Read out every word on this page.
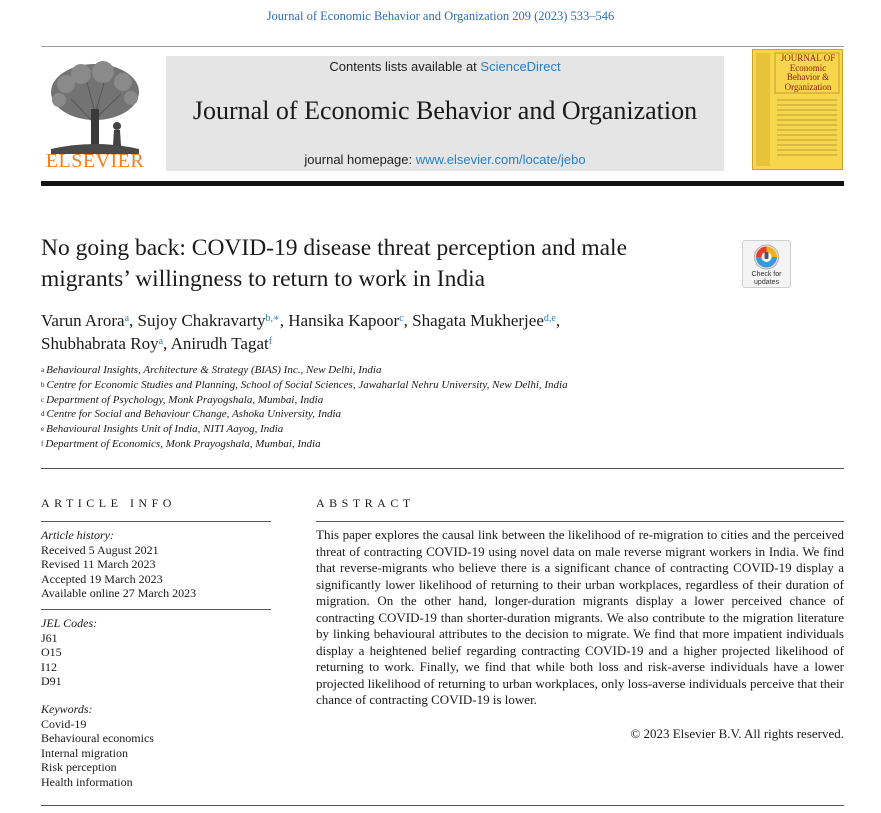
Journal of Economic Behavior and Organization 209 (2023) 533–546
ELSEVIER
Contents lists available at ScienceDirect
Journal of Economic Behavior and Organization
journal homepage: www.elsevier.com/locate/jebo
JOURNAL OF Economic Behavior & Organization
No going back: COVID-19 disease threat perception and male
migrants’ willingness to return to work in India	Check for updates
Varun Arora$^a$, Sujoy Chakravarty$^{b,∗}$, Hansika Kapoor$^c$, Shagata Mukherjee$^{d,e}$,
Shubhabrata Roy$^a$, Anirudh Tagat$^f$
$^a$ Behavioural Insights, Architecture & Strategy (BIAS) Inc., New Delhi, India
$^b$ Centre for Economic Studies and Planning, School of Social Sciences, Jawaharlal Nehru University, New Delhi, India
$^c$ Department of Psychology, Monk Prayogshala, Mumbai, India
$^d$ Centre for Social and Behaviour Change, Ashoka University, India
$^e$ Behavioural Insights Unit of India, NITI Aayog, India
$^f$ Department of Economics, Monk Prayogshala, Mumbai, India
ARTICLE INFO	ABSTRACT
Article history:
Received 5 August 2021
Revised 11 March 2023
Accepted 19 March 2023
Available online 27 March 2023
JEL Codes:
J61
O15
I12
D91
Keywords:
Covid-19
Behavioural economics
Internal migration
Risk perception
Health information
This paper explores the causal link between the likelihood of re-migration to cities and the perceived threat of contracting COVID-19 using novel data on male reverse migrant workers in India. We find that reverse-migrants who believe there is a significant chance of contracting COVID-19 display a significantly lower likelihood of returning to their urban workplaces, regardless of their duration of migration. On the other hand, longer-duration migrants display a lower perceived chance of contracting COVID-19 than shorter-duration migrants. We also contribute to the migration literature by linking behavioural attributes to the decision to migrate. We find that more impatient individuals display a heightened belief regarding contracting COVID-19 and a higher projected likelihood of returning to work. Finally, we find that while both loss and risk-averse individuals have a lower projected likelihood of returning to urban workplaces, only loss-averse individuals perceive that their chance of contracting COVID-19 is lower.
© 2023 Elsevier B.V. All rights reserved.
